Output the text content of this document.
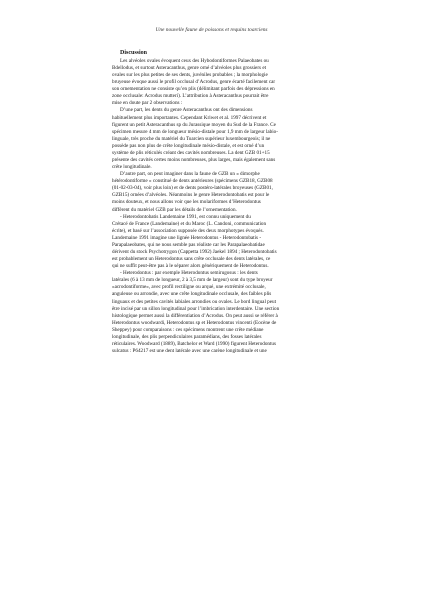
Une nouvelle faune de poissons et requins toarciens
Discussion

Les alvéoles ovales évoquent ceux des Hybodontiformes Palaeobates ou
Bdellodus, et surtout Asteracanthus, genre orné d’alvéoles plus grossiers et
ovales sur les plus petites de ses dents, juvéniles probables ; la morphologie
bruyeuse évoque aussi le profil occlusal d’Acrodus, genre écarté facilement car
son ornementation ne consiste qu’en plis (délimitant parfois des dépressions en
zone occlusale: Acrodus mutteri). L’attribution à Asteracanthus pourrait être
mise en doute par 2 observations :

D’une part, les dents du genre Asteracanthus ont des dimensions
habituellement plus importantes. Cependant Kriwet et al. 1997 décrivent et
figurent un petit Asteracanthus sp du Jurassique moyen du Sud de la France. Ce
spécimen mesure 4 mm de longueur mésio-distale pour 1,9 mm de largeur labio-
linguale, très proche du matériel du Toarcien supérieur luxembourgeois; il ne
possède pas non plus de crête longitudinale mésio-distale, et est orné d’un
système de plis réticulés créant des cavités nombreuses. La dent GZB 01+15
présente des cavités certes moins nombreuses, plus larges, mais également sans
crête longitudinale.

D’autre part, on peut imaginer dans la faune de GZB un « dimorphe
hétérodontiforme » constitué de dents antérieures (spécimens GZB18, GZB08
(01-02-03-04), voir plus loin) et de dents postéro-latérales broyeuses (GZB01,
GZB15) ornées d’alvéoles. Néanmoins le genre Heterodontobatis est pour le
moins douteux, et nous allons voir que les molariformes d’Heterodontus
diffèrent du matériel GZB par les détails de l’ornementation.

- Heterodontobatis Landemaine 1991, est connu uniquement du
Crétacé de France (Landemaine) et du Maroc (L. Candoni, communication
écrite), et basé sur l’association supposée des deux morphotypes évoqués.
Landemaine 1991 imagine une lignée Heterodontus - Heterodontobatis -
Parapalaeobates, qui ne nous semble pas réaliste car les Parapalaeobatidae
dérivent du stock Psychotrygon (Cappetta 1992) Jaekel 1894 ; Heterodontobatis
est probablement un Heterodontus sans crête occlusale des dents latérales, ce
qui ne suffit peut-être pas à le séparer alors génériquement de Heterodontus.

- Heterodontus : par exemple Heterodontus semirugosus : les dents
latérales (6 à 13 mm de longueur, 2 à 3,5 mm de largeur) sont du type broyeur
«acrodontiforme», avec profil rectiligne ou arqué, une extrémité occlusale,
anguleuse ou arrondie, avec une crête longitudinale occlusale, des faibles plis
linguaux et des petites cavités labiales arrondies ou ovales. Le bord lingual peut
être incisé par un sillon longitudinal pour l’imbrication interdentaire. Une section
histologique permet aussi la différentiation d’Acrodus. On peut aussi se référer à
Heterodontus woodwardi, Heterodontus sp et Heterodontus vincenti (Eocène de
Sheppey) pour comparaisons : ces spécimens montrent une crête médiane
longitudinale, des plis perpendiculaires paramédians, des fosses latérales
réticulaires. Woodward (1889), Batchelor et Ward (1990) figurent Heterodontus
sulcatus : P64217 est une dent latérale avec une carène longitudinale et une
